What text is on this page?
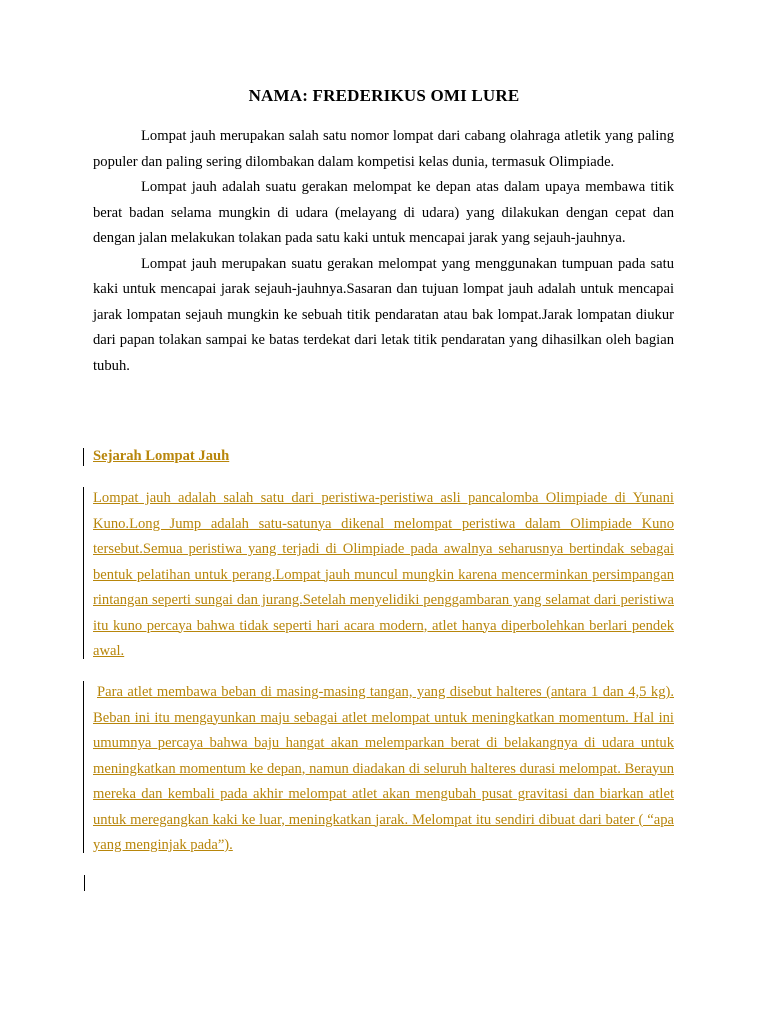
NAMA: FREDERIKUS OMI LURE

Lompat jauh merupakan salah satu nomor lompat dari cabang olahraga atletik yang paling populer dan paling sering dilombakan dalam kompetisi kelas dunia, termasuk Olimpiade.

Lompat jauh adalah suatu gerakan melompat ke depan atas dalam upaya membawa titik berat badan selama mungkin di udara (melayang di udara) yang dilakukan dengan cepat dan dengan jalan melakukan tolakan pada satu kaki untuk mencapai jarak yang sejauh-jauhnya.

Lompat jauh merupakan suatu gerakan melompat yang menggunakan tumpuan pada satu kaki untuk mencapai jarak sejauh-jauhnya.Sasaran dan tujuan lompat jauh adalah untuk mencapai jarak lompatan sejauh mungkin ke sebuah titik pendaratan atau bak lompat.Jarak lompatan diukur dari papan tolakan sampai ke batas terdekat dari letak titik pendaratan yang dihasilkan oleh bagian tubuh.

Sejarah Lompat Jauh

Lompat jauh adalah salah satu dari peristiwa-peristiwa asli pancalomba Olimpiade di Yunani Kuno.Long Jump adalah satu-satunya dikenal melompat peristiwa dalam Olimpiade Kuno tersebut.Semua peristiwa yang terjadi di Olimpiade pada awalnya seharusnya bertindak sebagai bentuk pelatihan untuk perang.Lompat jauh muncul mungkin karena mencerminkan persimpangan rintangan seperti sungai dan jurang.Setelah menyelidiki penggambaran yang selamat dari peristiwa itu kuno percaya bahwa tidak seperti hari acara modern, atlet hanya diperbolehkan berlari pendek awal.

Para atlet membawa beban di masing-masing tangan, yang disebut halteres (antara 1 dan 4,5 kg). Beban ini itu mengayunkan maju sebagai atlet melompat untuk meningkatkan momentum. Hal ini umumnya percaya bahwa baju hangat akan melemparkan berat di belakangnya di udara untuk meningkatkan momentum ke depan, namun diadakan di seluruh halteres durasi melompat. Berayun mereka dan kembali pada akhir melompat atlet akan mengubah pusat gravitasi dan biarkan atlet untuk meregangkan kaki ke luar, meningkatkan jarak. Melompat itu sendiri dibuat dari bater ( “apa yang menginjak pada”).
